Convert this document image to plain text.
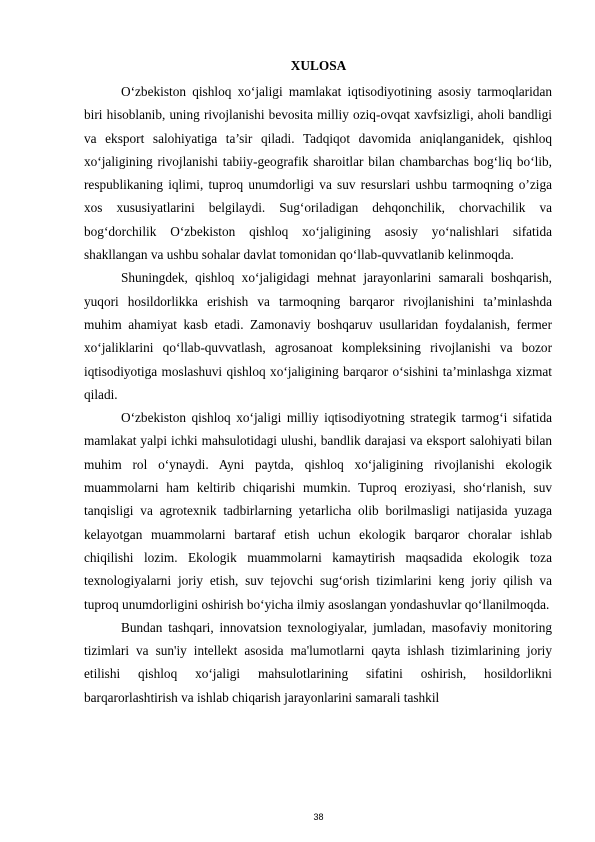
XULOSA

O‘zbekiston qishloq xo‘jaligi mamlakat iqtisodiyotining asosiy tarmoqlaridan biri hisoblanib, uning rivojlanishi bevosita milliy oziq-ovqat xavfsizligi, aholi bandligi va eksport salohiyatiga ta’sir qiladi. Tadqiqot davomida aniqlanganidek, qishloq xo‘jaligining rivojlanishi tabiiy-geografik sharoitlar bilan chambarchas bog‘liq bo‘lib, respublikaning iqlimi, tuproq unumdorligi va suv resurslari ushbu tarmoqning o’ziga xos xususiyatlarini belgilaydi. Sug‘oriladigan dehqonchilik, chorvachilik va bog‘dorchilik O‘zbekiston qishloq xo‘jaligining asosiy yo‘nalishlari sifatida shakllangan va ushbu sohalar davlat tomonidan qo‘llab-quvvatlanib kelinmoqda.

Shuningdek, qishloq xo‘jaligidagi mehnat jarayonlarini samarali boshqarish, yuqori hosildorlikka erishish va tarmoqning barqaror rivojlanishini ta’minlashda muhim ahamiyat kasb etadi. Zamonaviy boshqaruv usullaridan foydalanish, fermer xo‘jaliklarini qo‘llab-quvvatlash, agrosanoat kompleksining rivojlanishi va bozor iqtisodiyotiga moslashuvi qishloq xo‘jaligining barqaror o‘sishini ta’minlashga xizmat qiladi.

O‘zbekiston qishloq xo‘jaligi milliy iqtisodiyotning strategik tarmog‘i sifatida mamlakat yalpi ichki mahsulotidagi ulushi, bandlik darajasi va eksport salohiyati bilan muhim rol o‘ynaydi. Ayni paytda, qishloq xo‘jaligining rivojlanishi ekologik muammolarni ham keltirib chiqarishi mumkin. Tuproq eroziyasi, sho‘rlanish, suv tanqisligi va agrotexnik tadbirlarning yetarlicha olib borilmasligi natijasida yuzaga kelayotgan muammolarni bartaraf etish uchun ekologik barqaror choralar ishlab chiqilishi lozim. Ekologik muammolarni kamaytirish maqsadida ekologik toza texnologiyalarni joriy etish, suv tejovchi sug‘orish tizimlarini keng joriy qilish va tuproq unumdorligini oshirish bo‘yicha ilmiy asoslangan yondashuvlar qo‘llanilmoqda.

Bundan tashqari, innovatsion texnologiyalar, jumladan, masofaviy monitoring tizimlari va sun'iy intellekt asosida ma'lumotlarni qayta ishlash tizimlarining joriy etilishi qishloq xo‘jaligi mahsulotlarining sifatini oshirish, hosildorlikni barqarorlashtirish va ishlab chiqarish jarayonlarini samarali tashkil

38
